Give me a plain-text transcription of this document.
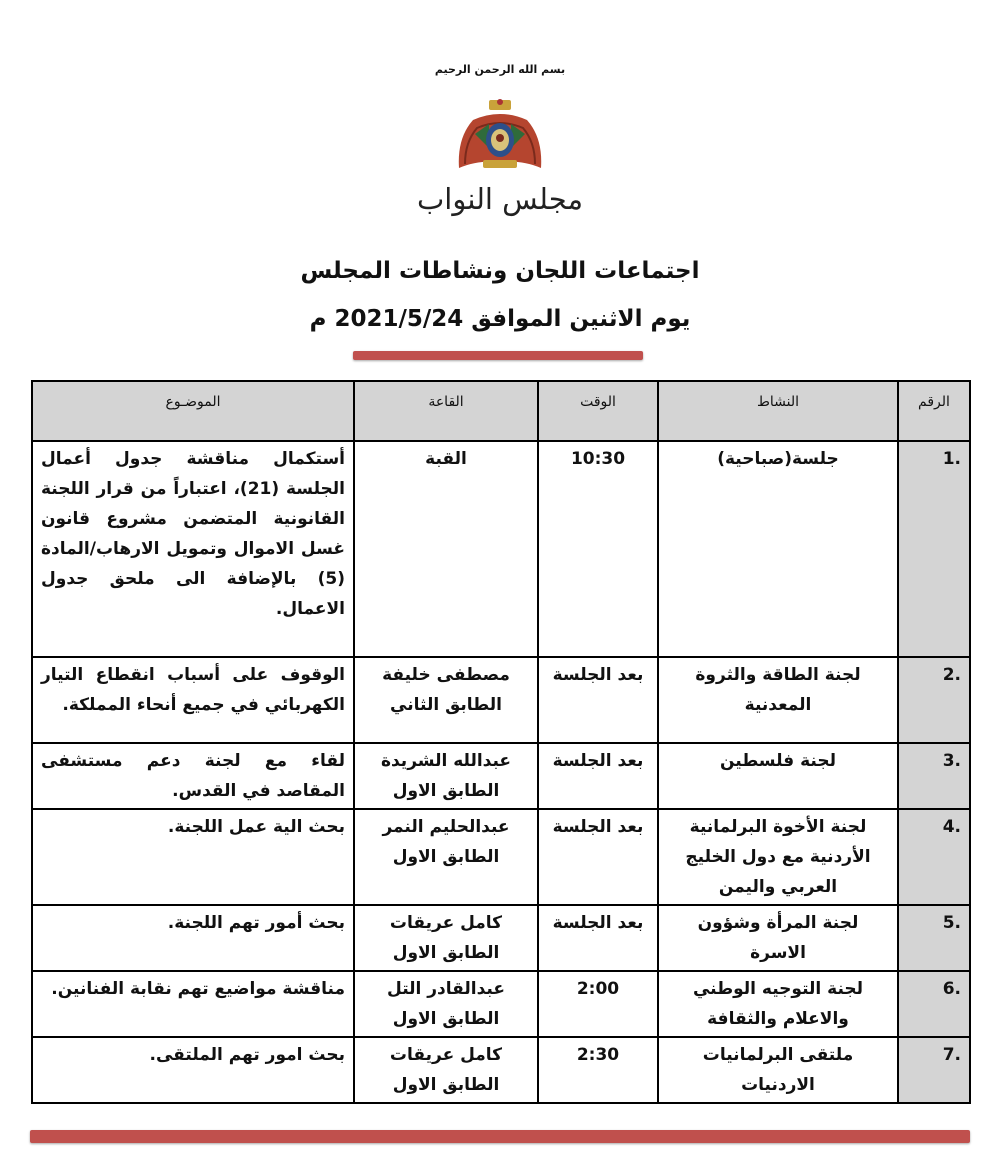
بسم الله الرحمن الرحيم
مجلس النواب
اجتماعات اللجان ونشاطات المجلس
يوم الاثنين الموافق 2021/5/24 م
الرقم	النشاط	الوقت	القاعة	الموضـوع
.1	جلسة(صباحية)	10:30	القبة	أستكمال مناقشة جدول أعمال الجلسة (21)، اعتباراً من قرار اللجنة القانونية المتضمن مشروع قانون غسل الاموال وتمويل الارهاب/المادة (5) بالإضافة الى ملحق جدول الاعمال.
.2	لجنة الطاقة والثروة المعدنية	بعد الجلسة	مصطفى خليفة الطابق الثاني	الوقوف على أسباب انقطاع التيار الكهربائي في جميع أنحاء المملكة.
.3	لجنة فلسطين	بعد الجلسة	عبدالله الشريدة الطابق الاول	لقاء مع لجنة دعم مستشفى المقاصد في القدس.
.4	لجنة الأخوة البرلمانية الأردنية مع دول الخليج العربي واليمن	بعد الجلسة	عبدالحليم النمر الطابق الاول	بحث الية عمل اللجنة.
.5	لجنة المرأة وشؤون الاسرة	بعد الجلسة	كامل عريقات الطابق الاول	بحث أمور تهم اللجنة.
.6	لجنة التوجيه الوطني والاعلام والثقافة	2:00	عبدالقادر التل الطابق الاول	مناقشة مواضيع تهم نقابة الفنانين.
.7	ملتقى البرلمانيات الاردنيات	2:30	كامل عريقات الطابق الاول	بحث امور تهم الملتقى.
